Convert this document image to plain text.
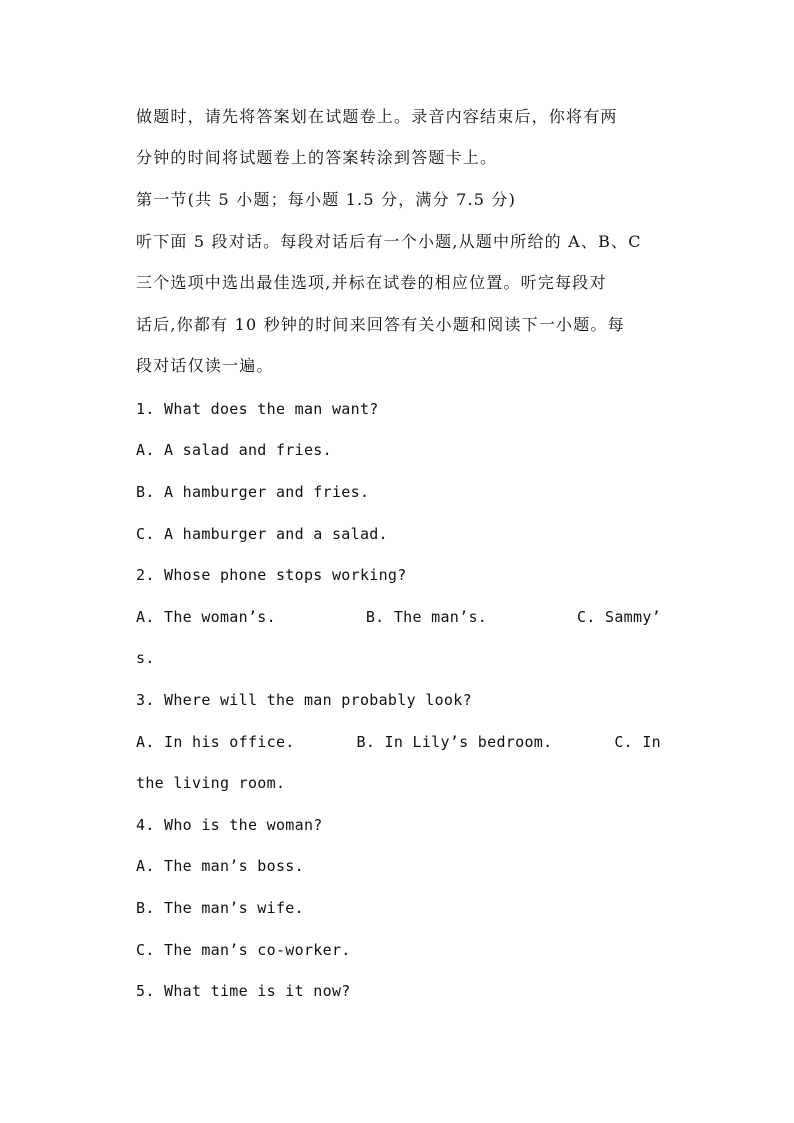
做题时，请先将答案划在试题卷上。录音内容结束后，你将有两
分钟的时间将试题卷上的答案转涂到答题卡上。
第一节(共 5 小题；每小题 1.5 分，满分 7.5 分)
听下面 5 段对话。每段对话后有一个小题,从题中所给的 A、B、C
三个选项中选出最佳选项,并标在试卷的相应位置。听完每段对
话后,你都有 10 秒钟的时间来回答有关小题和阅读下一小题。每
段对话仅读一遍。
1. What does the man want?
A. A salad and fries.
B. A hamburger and fries.
C. A hamburger and a salad.
2. Whose phone stops working?
A. The woman’s.	B. The man’s.	C. Sammy’
s.
3. Where will the man probably look?
A. In his office.	B. In Lily’s bedroom.	C. In
the living room.
4. Who is the woman?
A. The man’s boss.
B. The man’s wife.
C. The man’s co-worker.
5. What time is it now?
